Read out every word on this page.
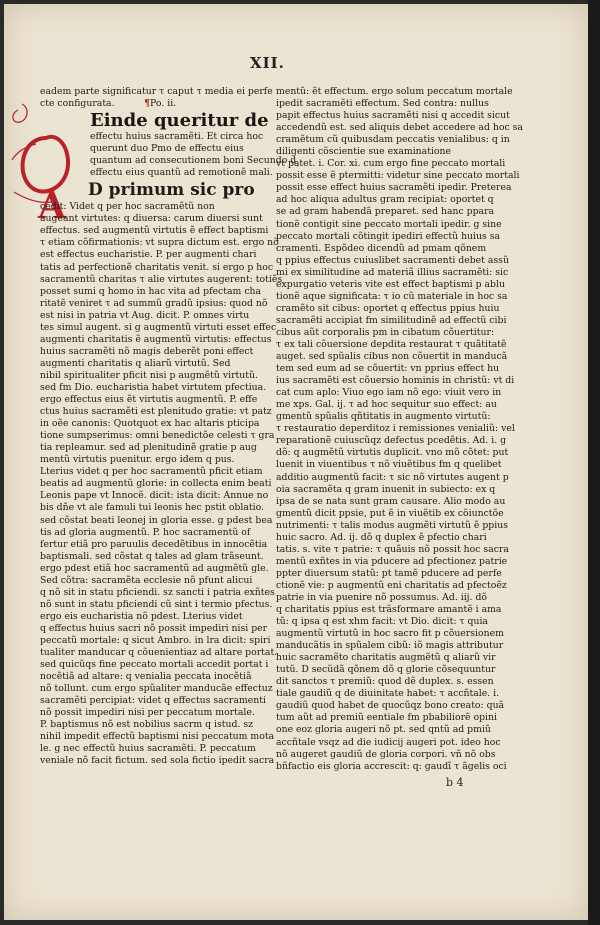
XII.
A
eadem parte significatur τ caput τ media ei perfe
cte configurata.	¶Po. ii.
Einde queritur de
effectu huius sacramẽti. Et circa hoc
querunt duo Pmo de effectu eius
quantum ad consecutionem boni Secundo d
effectu eius quantũ ad remotionẽ mali.
D primum sic pro
cedit: Videt q per hoc sacramẽtũ non
augeant virtutes: q diuersa: carum diuersi sunt
effectus. sed augmentũ virtutis ẽ effect baptismi
τ etiam cõfirmationis: vt supra dictum est. ergo nõ
est effectus eucharistie. P. per augmenti chari
tatis ad perfectionẽ charitatis venit. si ergo p hoc
sacramentũ charitas τ alie virtutes augerent: totiẽs
posset sumi q homo in hac vita ad pfectam cha
ritatẽ veniret τ ad summũ gradũ ipsius: quod nõ
est nisi in patria vt Aug. dicit. P. omnes virtu
tes simul augent. si g augmentũ virtuti esset effec
augmenti charitatis ẽ augmentũ virtutis: effectus
huius sacramẽti nõ magis deberẽt poni effect
augmenti charitatis q aliarũ virtutũ. Sed
nibil spiritualiter pficit nisi p augmẽtũ virtutũ.
sed fm Dio. eucharistia habet virtutem pfectiua.
ergo effectus eius ẽt virtutis augmentũ. P. effe
ctus huius sacramẽti est plenitudo gratie: vt patz
in oẽe canonis: Quotquot ex hac altaris pticipa
tione sumpserimus: omni benedictõe celesti τ gra
tia repleamur. sed ad plenitudinẽ gratie p aug
mentũ virtutis puenitur. ergo idem q pus.
Lterius videt q per hoc sacramentũ pficit etiam
beatis ad augmentũ glorie: in collecta enim beati
Leonis pape vt Innocẽ. dicit: ista dicit: Annue no
bis dñe vt ale famuli tui leonis hec pstit oblatio.
sed cõstat beati leonej in gloria esse. g pdest bea
tis ad gloria augmentũ. P. hoc sacramentũ of
fertur etiã pro paruulis decedẽtibus in innocẽtia
baptismali. sed cõstat q tales ad glam trãseunt.
ergo pdest etiã hoc sacramentũ ad augmẽtũ gle.
Sed cõtra: sacramẽta ecclesie nõ pfunt alicui
q nõ sit in statu pficiendi. sz sancti i patria exñtes
nõ sunt in statu pficiendi cũ sint i termio pfectus.
ergo eis eucharistia nõ pdest. Lterius videt
q effectus huius sacri nõ possit impediri nisi per
peccatũ mortale: q sicut Ambro. in lra dicit: spiri
tualiter manducar q cõuenientiaz ad altare portat.
sed quicũqs fine peccato mortali accedit portat i
nocẽtiã ad altare: q venialia peccata inocẽtiã
nõ tollunt. cum ergo spũaliter manducãe effectuz
sacramẽti percipiat: videt q effectus sacramenti
nõ possit impediri nisi per peccatum mortale.
P. baptismus nõ est nobilius sacrm q istud. sz
nihil impedit effectũ baptismi nisi peccatum mota
le. g nec effectũ huius sacramẽti. P. peccatum
veniale nõ facit fictum. sed sola fictio ipedit sacra
mentũ: ẽt effectum. ergo solum peccatum mortale
ipedit sacramẽti effectum. Sed contra: nullus
papit effectus huius sacramẽti nisi q accedit sicut
accedendũ est. sed aliquis debet accedere ad hoc sa
cramẽtum cũ quibusdam peccatis venialibus: q in
diligenti cõscientie sue examinatione
vt patet. i. Cor. xi. cum ergo fine peccato mortali
possit esse ẽ ptermitti: videtur sine peccato mortali
possit esse effect huius sacramẽti ipedir. Preterea
ad hoc aliqua adultus gram recipiat: oportet q
se ad gram habendã preparet. sed hanc ppara
tionẽ contigit sine peccato mortali ipedir. g sine
peccato mortali cõtingit ipediri effectũ huius sa
cramenti. Espõdeo dicendũ ad pmam qõnem
q ppius effectus cuiuslibet sacramenti debet assũ
mi ex similitudine ad materiã illius sacramẽti: sic
expurgatio veteris vite est effect baptismi p ablu
tionẽ aque significata: τ io cũ materiale in hoc sa
cramẽto sit cibus: oportet q effectus ppius huiu
sacramẽti accipiat fm similitudinẽ ad effectũ cibi
cibus aũt corporalis pm in cibatum cõuertitur:
τ ex tali cõuersione depdita restaurat τ quãtitatẽ
auget. sed spũalis cibus non cõuertit in manducã
tem sed eum ad se cõuertit: vn pprius effect hu
ius sacramẽti est cõuersio hominis in christũ: vt di
cat cum aplo: Viuo ego iam nõ ego: viuit vero in
me xps. Gal. ij. τ ad hoc sequitur suo effect: au
gmentũ spũalis qñtitatis in augmento virtutũ:
τ restauratio deperditoz i remissiones venialiũ: vel
reparationẽ cuiuscũqz defectus pcedẽtis. Ad. i. g
dõ: q augmẽtũ virtutis duplicit. vno mõ cõtet: put
luenit in viuentibus τ nõ viuẽtibus fm q quelibet
additio augmentũ facit: τ sic nõ virtutes augent p
oia sacramẽta q gram inuenit in subiecto: ex q
ipsa de se nata sunt gram causare. Alio modo au
gmentũ dicit ppsie, put ẽ in viuẽtib ex cõiunctõe
nutrimenti: τ talis modus augmẽti virtutũ ẽ ppius
huic sacro. Ad. ij. dõ q duplex ẽ pfectio chari
tatis. s. vite τ patrie: τ quãuis nõ possit hoc sacra
mentũ exñtes in via pducere ad pfectionez patrie
ppter diuersum statũ: pt tamẽ pducere ad perfe
ctionẽ vie: p augmentũ eni charitatis ad pfectoẽz
patrie in via puenire nõ possumus. Ad. iij. dõ
q charitatis ppius est trãsformare amantẽ i ama
tũ: q ipsa q est xhm facit: vt Dio. dicit: τ quia
augmentũ virtutũ in hoc sacro fit p cõuersionem
manducãtis in spũalem cibũ: iõ magis attributur
huic sacramẽto charitatis augmẽtũ q aliarũ vir
tutũ. D secũdã qõnem dõ q glorie cõsequuntur
dit sanctos τ premiũ: quod dẽ duplex. s. essen
tiale gaudiũ q de diuinitate habet: τ accñtale. i.
gaudiũ quod habet de quocũqz bono creato: quã
tum aũt ad premiũ eentiale fm pbabiliorẽ opini
one eoz gloria augeri nõ pt. sed qntũ ad pmiũ
accñtale vsqz ad die iudicij augeri pot. ideo hoc
nõ augeret gaudiũ de gloria corpori. vñ nõ obs
bñfactio eis gloria accrescit: q: gaudĩ τ ãgelis oci
b 4
